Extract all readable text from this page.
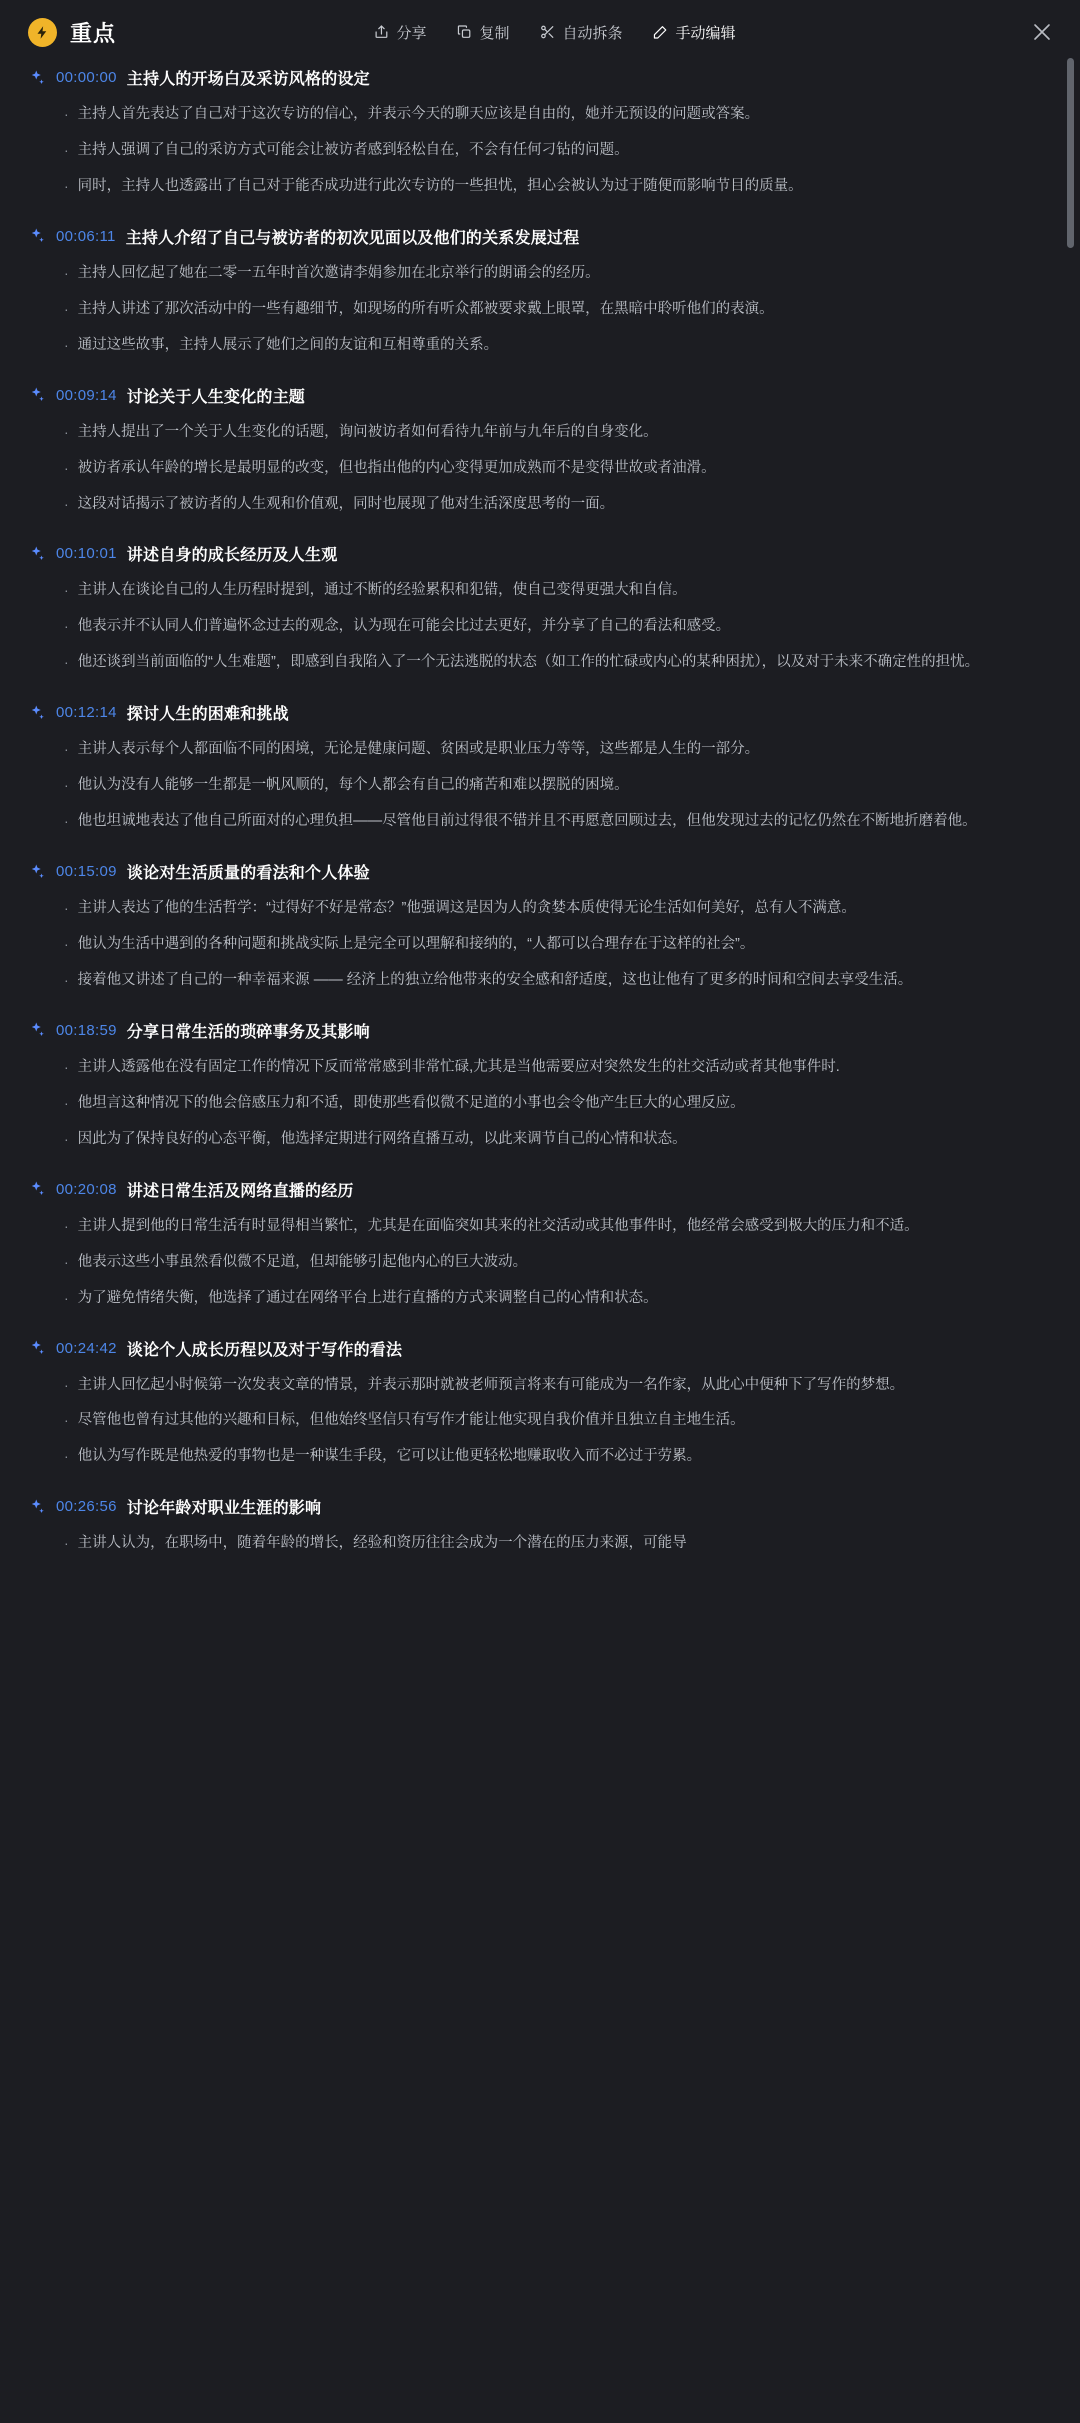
重点	分享	复制	自动拆条	手动编辑
00:00:00 主持人的开场白及采访风格的设定
· 主持人首先表达了自己对于这次专访的信心，并表示今天的聊天应该是自由的，她并无预设的问题或答案。
· 主持人强调了自己的采访方式可能会让被访者感到轻松自在，不会有任何刁钻的问题。
· 同时，主持人也透露出了自己对于能否成功进行此次专访的一些担忧，担心会被认为过于随便而影响节目的质量。
00:06:11 主持人介绍了自己与被访者的初次见面以及他们的关系发展过程
· 主持人回忆起了她在二零一五年时首次邀请李娟参加在北京举行的朗诵会的经历。
· 主持人讲述了那次活动中的一些有趣细节，如现场的所有听众都被要求戴上眼罩，在黑暗中聆听他们的表演。
· 通过这些故事，主持人展示了她们之间的友谊和互相尊重的关系。
00:09:14 讨论关于人生变化的主题
· 主持人提出了一个关于人生变化的话题，询问被访者如何看待九年前与九年后的自身变化。
· 被访者承认年龄的增长是最明显的改变，但也指出他的内心变得更加成熟而不是变得世故或者油滑。
· 这段对话揭示了被访者的人生观和价值观，同时也展现了他对生活深度思考的一面。
00:10:01 讲述自身的成长经历及人生观
· 主讲人在谈论自己的人生历程时提到，通过不断的经验累积和犯错，使自己变得更强大和自信。
· 他表示并不认同人们普遍怀念过去的观念，认为现在可能会比过去更好，并分享了自己的看法和感受。
· 他还谈到当前面临的“人生难题”，即感到自我陷入了一个无法逃脱的状态（如工作的忙碌或内心的某种困扰），以及对于未来不确定性的担忧。
00:12:14 探讨人生的困难和挑战
· 主讲人表示每个人都面临不同的困境，无论是健康问题、贫困或是职业压力等等，这些都是人生的一部分。
· 他认为没有人能够一生都是一帆风顺的，每个人都会有自己的痛苦和难以摆脱的困境。
· 他也坦诚地表达了他自己所面对的心理负担——尽管他目前过得很不错并且不再愿意回顾过去，但他发现过去的记忆仍然在不断地折磨着他。
00:15:09 谈论对生活质量的看法和个人体验
· 主讲人表达了他的生活哲学：“过得好不好是常态？”他强调这是因为人的贪婪本质使得无论生活如何美好，总有人不满意。
· 他认为生活中遇到的各种问题和挑战实际上是完全可以理解和接纳的，“人都可以合理存在于这样的社会”。
· 接着他又讲述了自己的一种幸福来源 —— 经济上的独立给他带来的安全感和舒适度，这也让他有了更多的时间和空间去享受生活。
00:18:59 分享日常生活的琐碎事务及其影响
· 主讲人透露他在没有固定工作的情况下反而常常感到非常忙碌,尤其是当他需要应对突然发生的社交活动或者其他事件时.
· 他坦言这种情况下的他会倍感压力和不适，即使那些看似微不足道的小事也会令他产生巨大的心理反应。
· 因此为了保持良好的心态平衡，他选择定期进行网络直播互动，以此来调节自己的心情和状态。
00:20:08 讲述日常生活及网络直播的经历
· 主讲人提到他的日常生活有时显得相当繁忙，尤其是在面临突如其来的社交活动或其他事件时，他经常会感受到极大的压力和不适。
· 他表示这些小事虽然看似微不足道，但却能够引起他内心的巨大波动。
· 为了避免情绪失衡，他选择了通过在网络平台上进行直播的方式来调整自己的心情和状态。
00:24:42 谈论个人成长历程以及对于写作的看法
· 主讲人回忆起小时候第一次发表文章的情景，并表示那时就被老师预言将来有可能成为一名作家，从此心中便种下了写作的梦想。
· 尽管他也曾有过其他的兴趣和目标，但他始终坚信只有写作才能让他实现自我价值并且独立自主地生活。
· 他认为写作既是他热爱的事物也是一种谋生手段，它可以让他更轻松地赚取收入而不必过于劳累。
00:26:56 讨论年龄对职业生涯的影响
· 主讲人认为，在职场中，随着年龄的增长，经验和资历往往会成为一个潜在的压力来源，可能导
